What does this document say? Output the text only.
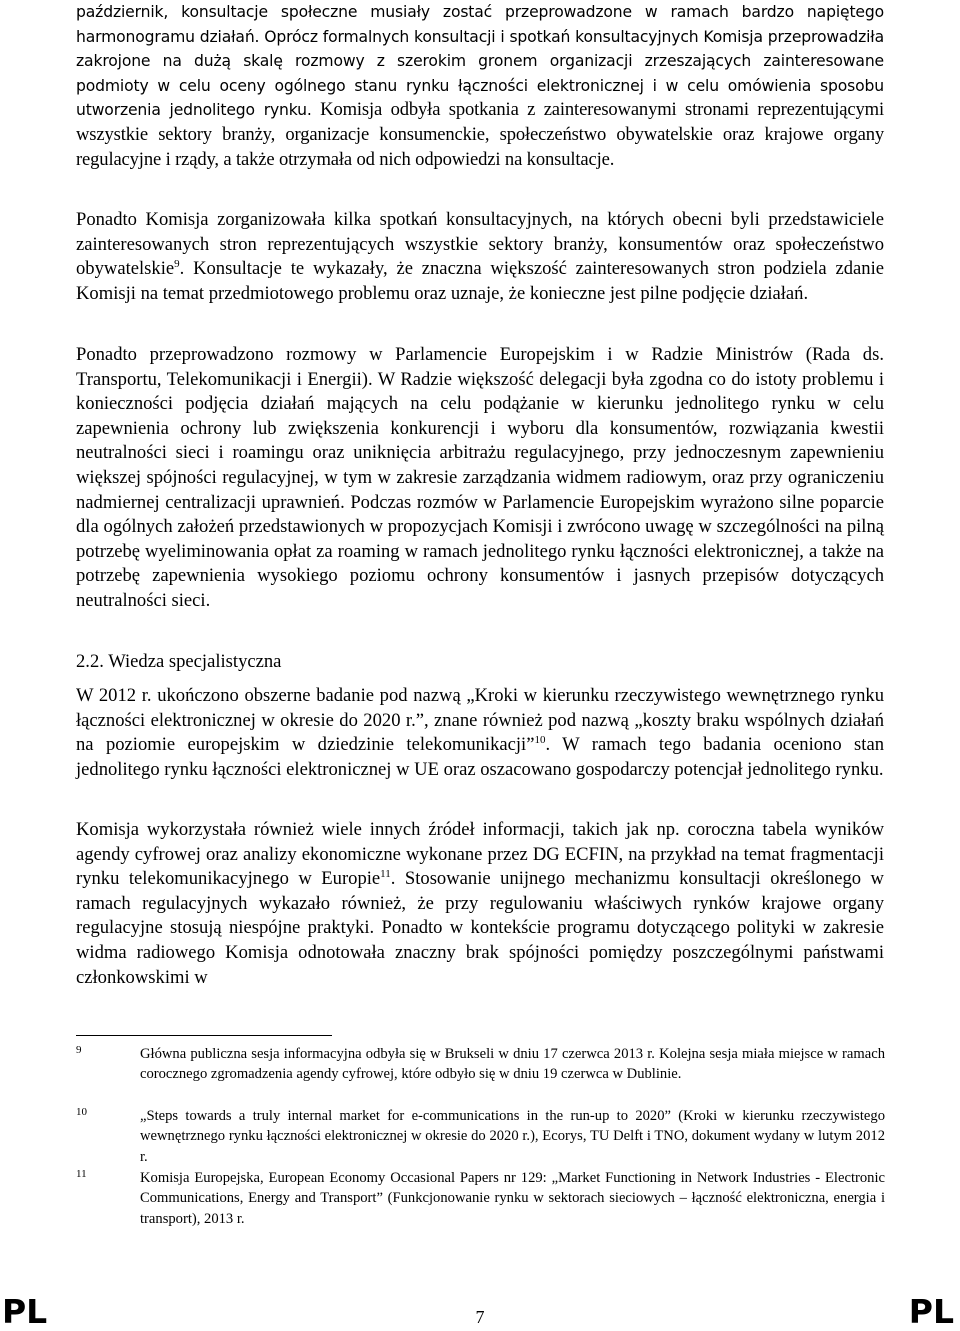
październik, konsultacje społeczne musiały zostać przeprowadzone w ramach bardzo napiętego harmonogramu działań. Oprócz formalnych konsultacji i spotkań konsultacyjnych Komisja przeprowadziła zakrojone na dużą skalę rozmowy z szerokim gronem organizacji zrzeszających zainteresowane podmioty w celu oceny ogólnego stanu rynku łączności elektronicznej i w celu omówienia sposobu utworzenia jednolitego rynku. Komisja odbyła spotkania z zainteresowanymi stronami reprezentującymi wszystkie sektory branży, organizacje konsumenckie, społeczeństwo obywatelskie oraz krajowe organy regulacyjne i rządy, a także otrzymała od nich odpowiedzi na konsultacje.

Ponadto Komisja zorganizowała kilka spotkań konsultacyjnych, na których obecni byli przedstawiciele zainteresowanych stron reprezentujących wszystkie sektory branży, konsumentów oraz społeczeństwo obywatelskie$^9$. Konsultacje te wykazały, że znaczna większość zainteresowanych stron podziela zdanie Komisji na temat przedmiotowego problemu oraz uznaje, że konieczne jest pilne podjęcie działań.

Ponadto przeprowadzono rozmowy w Parlamencie Europejskim i w Radzie Ministrów (Rada ds. Transportu, Telekomunikacji i Energii). W Radzie większość delegacji była zgodna co do istoty problemu i konieczności podjęcia działań mających na celu podążanie w kierunku jednolitego rynku w celu zapewnienia ochrony lub zwiększenia konkurencji i wyboru dla konsumentów, rozwiązania kwestii neutralności sieci i roamingu oraz uniknięcia arbitrażu regulacyjnego, przy jednoczesnym zapewnieniu większej spójności regulacyjnej, w tym w zakresie zarządzania widmem radiowym, oraz przy ograniczeniu nadmiernej centralizacji uprawnień. Podczas rozmów w Parlamencie Europejskim wyrażono silne poparcie dla ogólnych założeń przedstawionych w propozycjach Komisji i zwrócono uwagę w szczególności na pilną potrzebę wyeliminowania opłat za roaming w ramach jednolitego rynku łączności elektronicznej, a także na potrzebę zapewnienia wysokiego poziomu ochrony konsumentów i jasnych przepisów dotyczących neutralności sieci.

2.2. Wiedza specjalistyczna

W 2012 r. ukończono obszerne badanie pod nazwą „Kroki w kierunku rzeczywistego wewnętrznego rynku łączności elektronicznej w okresie do 2020 r.”, znane również pod nazwą „koszty braku wspólnych działań na poziomie europejskim w dziedzinie telekomunikacji”$^{10}$. W ramach tego badania oceniono stan jednolitego rynku łączności elektronicznej w UE oraz oszacowano gospodarczy potencjał jednolitego rynku.

Komisja wykorzystała również wiele innych źródeł informacji, takich jak np. coroczna tabela wyników agendy cyfrowej oraz analizy ekonomiczne wykonane przez DG ECFIN, na przykład na temat fragmentacji rynku telekomunikacyjnego w Europie$^{11}$. Stosowanie unijnego mechanizmu konsultacji określonego w ramach regulacyjnych wykazało również, że przy regulowaniu właściwych rynków krajowe organy regulacyjne stosują niespójne praktyki. Ponadto w kontekście programu dotyczącego polityki w zakresie widma radiowego Komisja odnotowała znaczny brak spójności pomiędzy poszczególnymi państwami członkowskimi w

9	Główna publiczna sesja informacyjna odbyła się w Brukseli w dniu 17 czerwca 2013 r. Kolejna sesja miała miejsce w ramach corocznego zgromadzenia agendy cyfrowej, które odbyło się w dniu 19 czerwca w Dublinie.

10	„Steps towards a truly internal market for e-communications in the run-up to 2020” (Kroki w kierunku rzeczywistego wewnętrznego rynku łączności elektronicznej w okresie do 2020 r.), Ecorys, TU Delft i TNO, dokument wydany w lutym 2012 r.

11	Komisja Europejska, European Economy Occasional Papers nr 129: „Market Functioning in Network Industries - Electronic Communications, Energy and Transport” (Funkcjonowanie rynku w sektorach sieciowych – łączność elektroniczna, energia i transport), 2013 r.

PL	7	PL
